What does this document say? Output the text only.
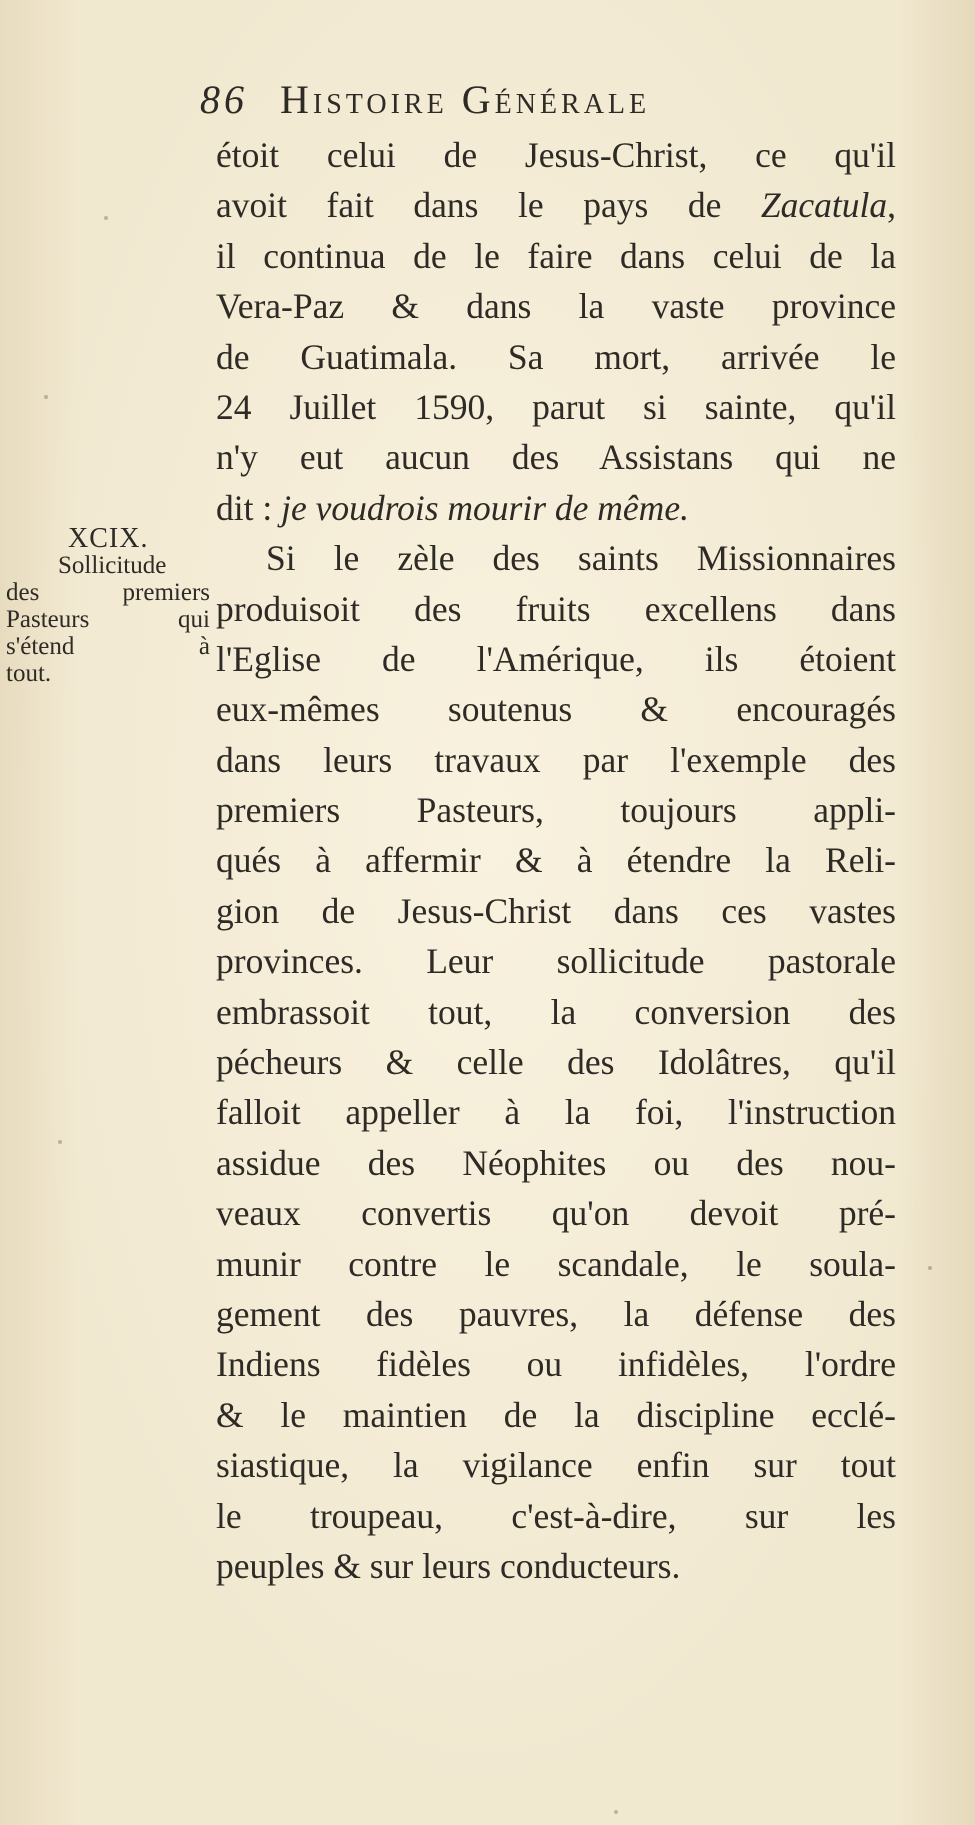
86 Histoire Générale
XCIX.
Sollicitude
des premiers
Pasteurs qui
s'étend à
tout.
étoit celui de Jesus-Christ, ce qu'il
avoit fait dans le pays de Zacatula,
il continua de le faire dans celui de la
Vera-Paz & dans la vaste province
de Guatimala. Sa mort, arrivée le
24 Juillet 1590, parut si sainte, qu'il
n'y eut aucun des Assistans qui ne
dit : je voudrois mourir de même.
Si le zèle des saints Missionnaires
produisoit des fruits excellens dans
l'Eglise de l'Amérique, ils étoient
eux-mêmes soutenus & encouragés
dans leurs travaux par l'exemple des
premiers Pasteurs, toujours appli-
qués à affermir & à étendre la Reli-
gion de Jesus-Christ dans ces vastes
provinces. Leur sollicitude pastorale
embrassoit tout, la conversion des
pécheurs & celle des Idolâtres, qu'il
falloit appeller à la foi, l'instruction
assidue des Néophites ou des nou-
veaux convertis qu'on devoit pré-
munir contre le scandale, le soula-
gement des pauvres, la défense des
Indiens fidèles ou infidèles, l'ordre
& le maintien de la discipline ecclé-
siastique, la vigilance enfin sur tout
le troupeau, c'est-à-dire, sur les
peuples & sur leurs conducteurs.
